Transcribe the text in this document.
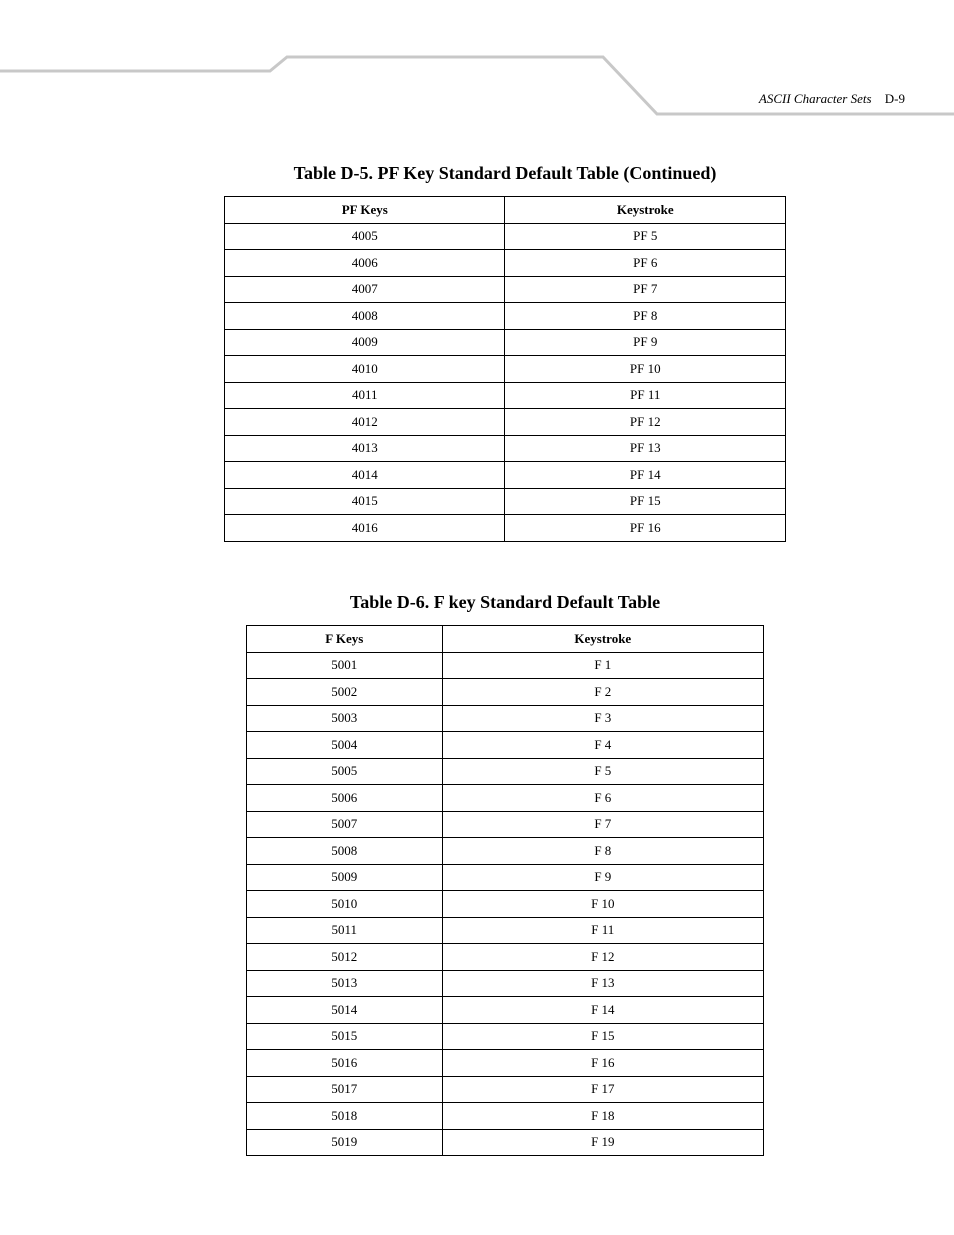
ASCII Character Sets D-9
Table D-5. PF Key Standard Default Table (Continued)
PF Keys	Keystroke
4005	PF 5
4006	PF 6
4007	PF 7
4008	PF 8
4009	PF 9
4010	PF 10
4011	PF 11
4012	PF 12
4013	PF 13
4014	PF 14
4015	PF 15
4016	PF 16
Table D-6. F key Standard Default Table
F Keys	Keystroke
5001	F 1
5002	F 2
5003	F 3
5004	F 4
5005	F 5
5006	F 6
5007	F 7
5008	F 8
5009	F 9
5010	F 10
5011	F 11
5012	F 12
5013	F 13
5014	F 14
5015	F 15
5016	F 16
5017	F 17
5018	F 18
5019	F 19
